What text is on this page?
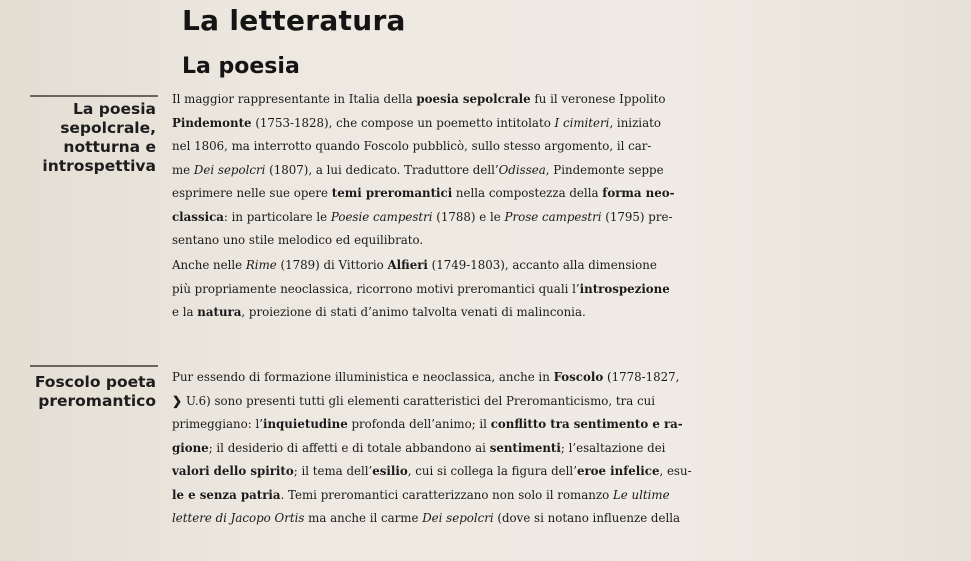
La letteratura
La poesia
La poesia
sepolcrale,
notturna e
introspettiva
Foscolo poeta
preromantico
Il maggior rappresentante in Italia della poesia sepolcrale fu il veronese Ippolito
Pindemonte (1753-1828), che compose un poemetto intitolato I cimiteri, iniziato
nel 1806, ma interrotto quando Foscolo pubblicò, sullo stesso argomento, il car-
me Dei sepolcri (1807), a lui dedicato. Traduttore dell’Odissea, Pindemonte seppe
esprimere nelle sue opere temi preromantici nella compostezza della forma neo-
classica: in particolare le Poesie campestri (1788) e le Prose campestri (1795) pre-
sentano uno stile melodico ed equilibrato.
Anche nelle Rime (1789) di Vittorio Alfieri (1749-1803), accanto alla dimensione
più propriamente neoclassica, ricorrono motivi preromantici quali l’introspezione
e la natura, proiezione di stati d’animo talvolta venati di malinconia.
Pur essendo di formazione illuministica e neoclassica, anche in Foscolo (1778-1827,
❯ U.6) sono presenti tutti gli elementi caratteristici del Preromanticismo, tra cui
primeggiano: l’inquietudine profonda dell’animo; il conflitto tra sentimento e ra-
gione; il desiderio di affetti e di totale abbandono ai sentimenti; l’esaltazione dei
valori dello spirito; il tema dell’esilio, cui si collega la figura dell’eroe infelice, esu-
le e senza patria. Temi preromantici caratterizzano non solo il romanzo Le ultime
lettere di Jacopo Ortis ma anche il carme Dei sepolcri (dove si notano influenze della
